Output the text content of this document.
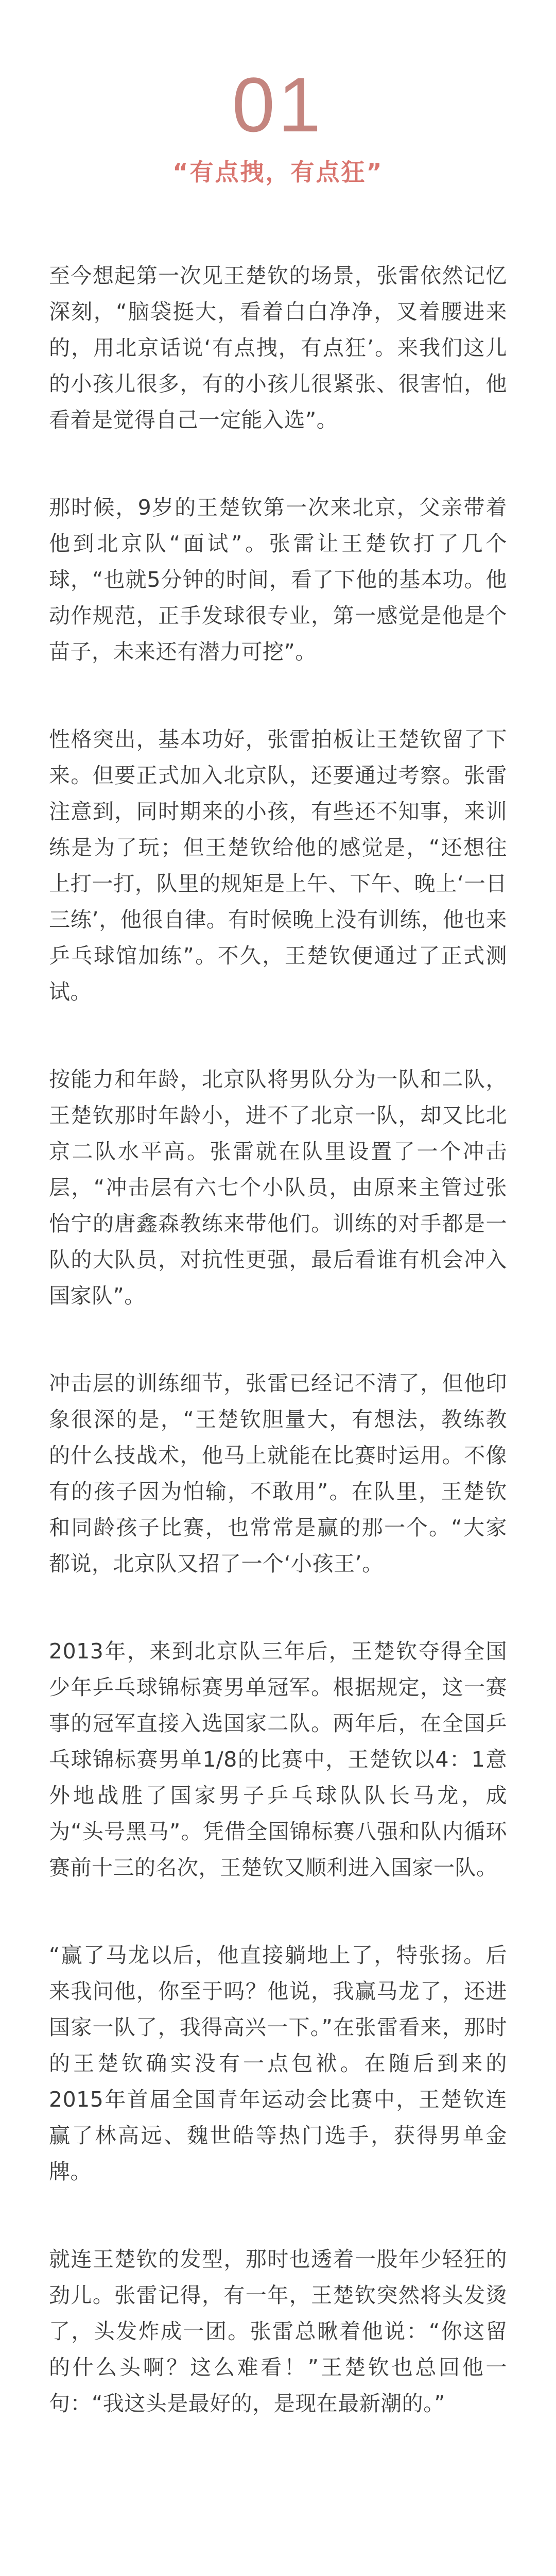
01
“有点拽，有点狂”

至今想起第一次见王楚钦的场景，张雷依然记忆深刻，“脑袋挺大，看着白白净净，叉着腰进来的，用北京话说‘有点拽，有点狂’。来我们这儿的小孩儿很多，有的小孩儿很紧张、很害怕，他看着是觉得自己一定能入选”。

那时候，9岁的王楚钦第一次来北京，父亲带着他到北京队“面试”。张雷让王楚钦打了几个球，“也就5分钟的时间，看了下他的基本功。他动作规范，正手发球很专业，第一感觉是他是个苗子，未来还有潜力可挖”。

性格突出，基本功好，张雷拍板让王楚钦留了下来。但要正式加入北京队，还要通过考察。张雷注意到，同时期来的小孩，有些还不知事，来训练是为了玩；但王楚钦给他的感觉是，“还想往上打一打，队里的规矩是上午、下午、晚上‘一日三练’，他很自律。有时候晚上没有训练，他也来乒乓球馆加练”。不久，王楚钦便通过了正式测试。

按能力和年龄，北京队将男队分为一队和二队，王楚钦那时年龄小，进不了北京一队，却又比北京二队水平高。张雷就在队里设置了一个冲击层，“冲击层有六七个小队员，由原来主管过张怡宁的唐鑫森教练来带他们。训练的对手都是一队的大队员，对抗性更强，最后看谁有机会冲入国家队”。

冲击层的训练细节，张雷已经记不清了，但他印象很深的是，“王楚钦胆量大，有想法，教练教的什么技战术，他马上就能在比赛时运用。不像有的孩子因为怕输，不敢用”。在队里，王楚钦和同龄孩子比赛，也常常是赢的那一个。“大家都说，北京队又招了一个‘小孩王’。

2013年，来到北京队三年后，王楚钦夺得全国少年乒乓球锦标赛男单冠军。根据规定，这一赛事的冠军直接入选国家二队。两年后，在全国乒乓球锦标赛男单1/8的比赛中，王楚钦以4：1意外地战胜了国家男子乒乓球队队长马龙，成为“头号黑马”。凭借全国锦标赛八强和队内循环赛前十三的名次，王楚钦又顺利进入国家一队。

“赢了马龙以后，他直接躺地上了，特张扬。后来我问他，你至于吗？他说，我赢马龙了，还进国家一队了，我得高兴一下。”在张雷看来，那时的王楚钦确实没有一点包袱。在随后到来的2015年首届全国青年运动会比赛中，王楚钦连赢了林高远、魏世皓等热门选手，获得男单金牌。

就连王楚钦的发型，那时也透着一股年少轻狂的劲儿。张雷记得，有一年，王楚钦突然将头发烫了，头发炸成一团。张雷总瞅着他说：“你这留的什么头啊？这么难看！”王楚钦也总回他一句：“我这头是最好的，是现在最新潮的。”
